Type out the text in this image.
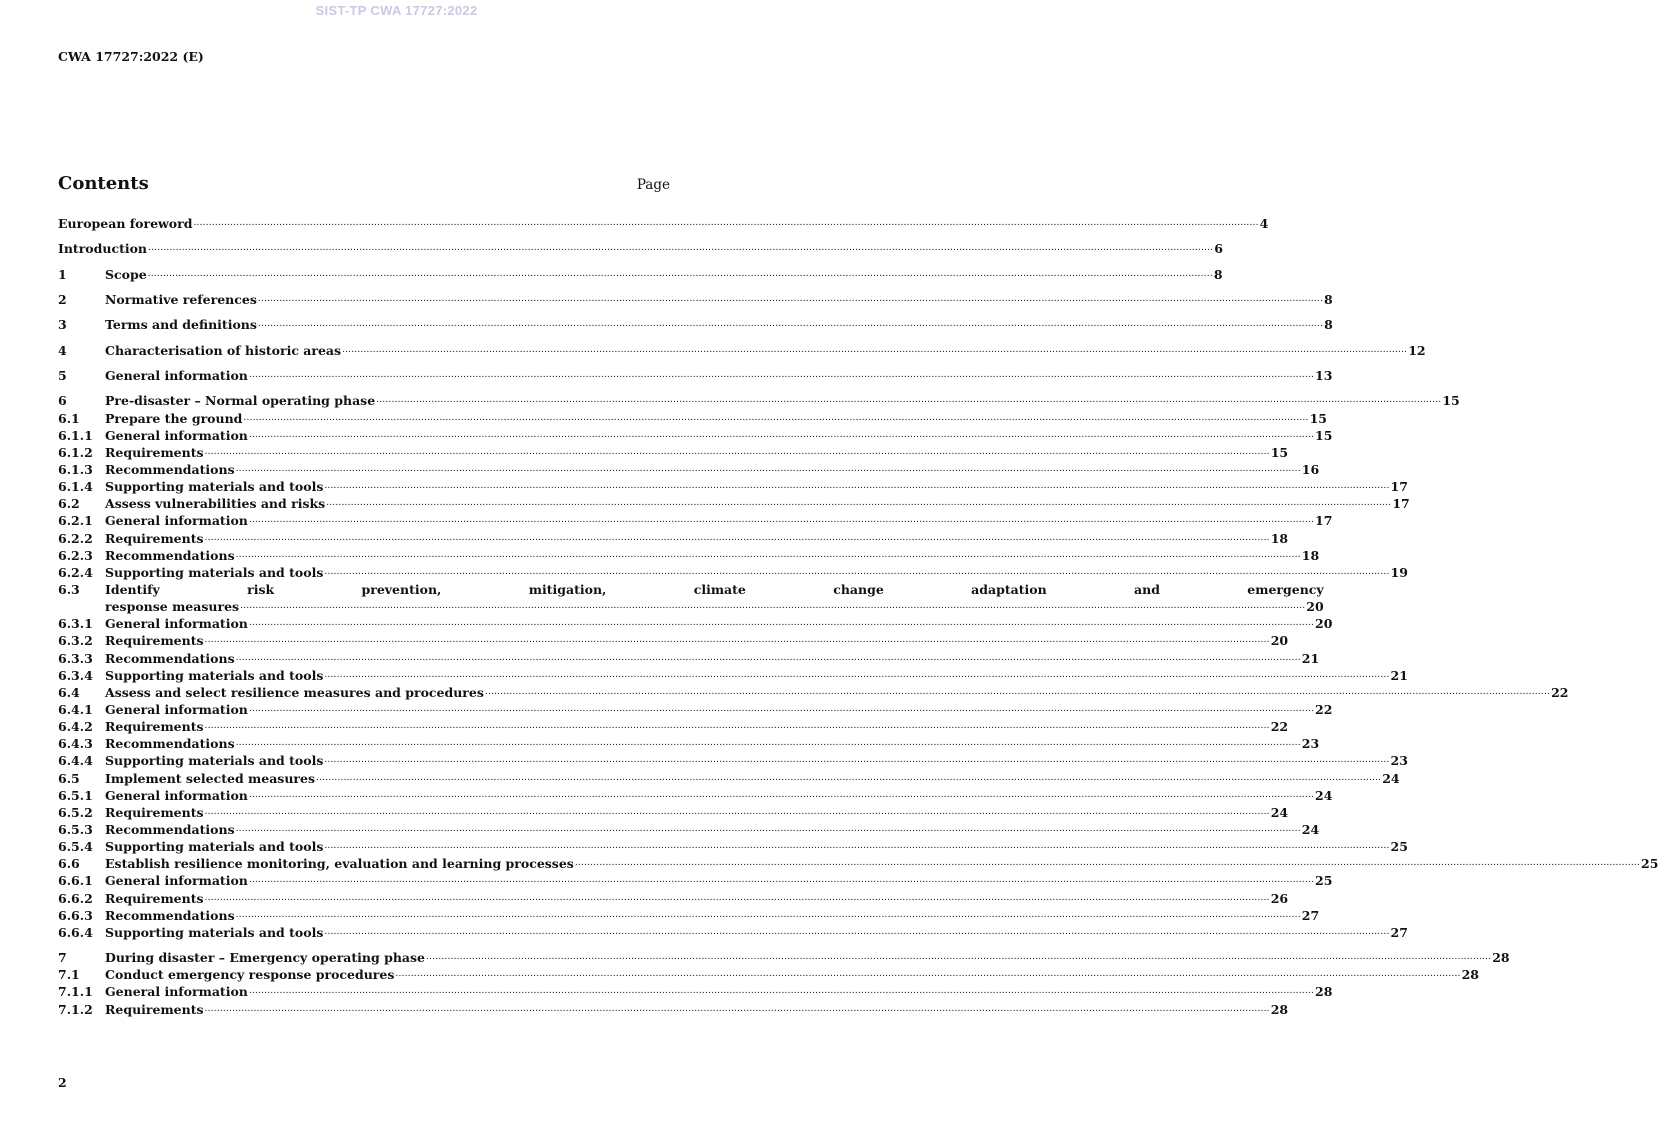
SIST-TP CWA 17727:2022
CWA 17727:2022 (E)
Contents	Page
European foreword .....	4
Introduction .....	6
1	Scope .....	8
2	Normative references .....	8
3	Terms and definitions .....	8
4	Characterisation of historic areas .....	12
5	General information .....	13
6	Pre-disaster – Normal operating phase .....	15
6.1	Prepare the ground .....	15
6.1.1 General information .....	15
6.1.2 Requirements .....	15
6.1.3 Recommendations .....	16
6.1.4 Supporting materials and tools .....	17
6.2	Assess vulnerabilities and risks .....	17
6.2.1 General information .....	17
6.2.2 Requirements .....	18
6.2.3 Recommendations .....	18
6.2.4 Supporting materials and tools .....	19
6.3	Identify risk prevention, mitigation, climate change adaptation and emergency
response measures .....	20
6.3.1 General information .....	20
6.3.2 Requirements .....	20
6.3.3 Recommendations .....	21
6.3.4 Supporting materials and tools .....	21
6.4	Assess and select resilience measures and procedures .....	22
6.4.1 General information .....	22
6.4.2 Requirements .....	22
6.4.3 Recommendations .....	23
6.4.4 Supporting materials and tools .....	23
6.5	Implement selected measures .....	24
6.5.1 General information .....	24
6.5.2 Requirements .....	24
6.5.3 Recommendations .....	24
6.5.4 Supporting materials and tools .....	25
6.6	Establish resilience monitoring, evaluation and learning processes .....	25
6.6.1 General information .....	25
6.6.2 Requirements .....	26
6.6.3 Recommendations .....	27
6.6.4 Supporting materials and tools .....	27
7	During disaster – Emergency operating phase .....	28
7.1	Conduct emergency response procedures .....	28
7.1.1 General information .....	28
7.1.2 Requirements .....	28
2
